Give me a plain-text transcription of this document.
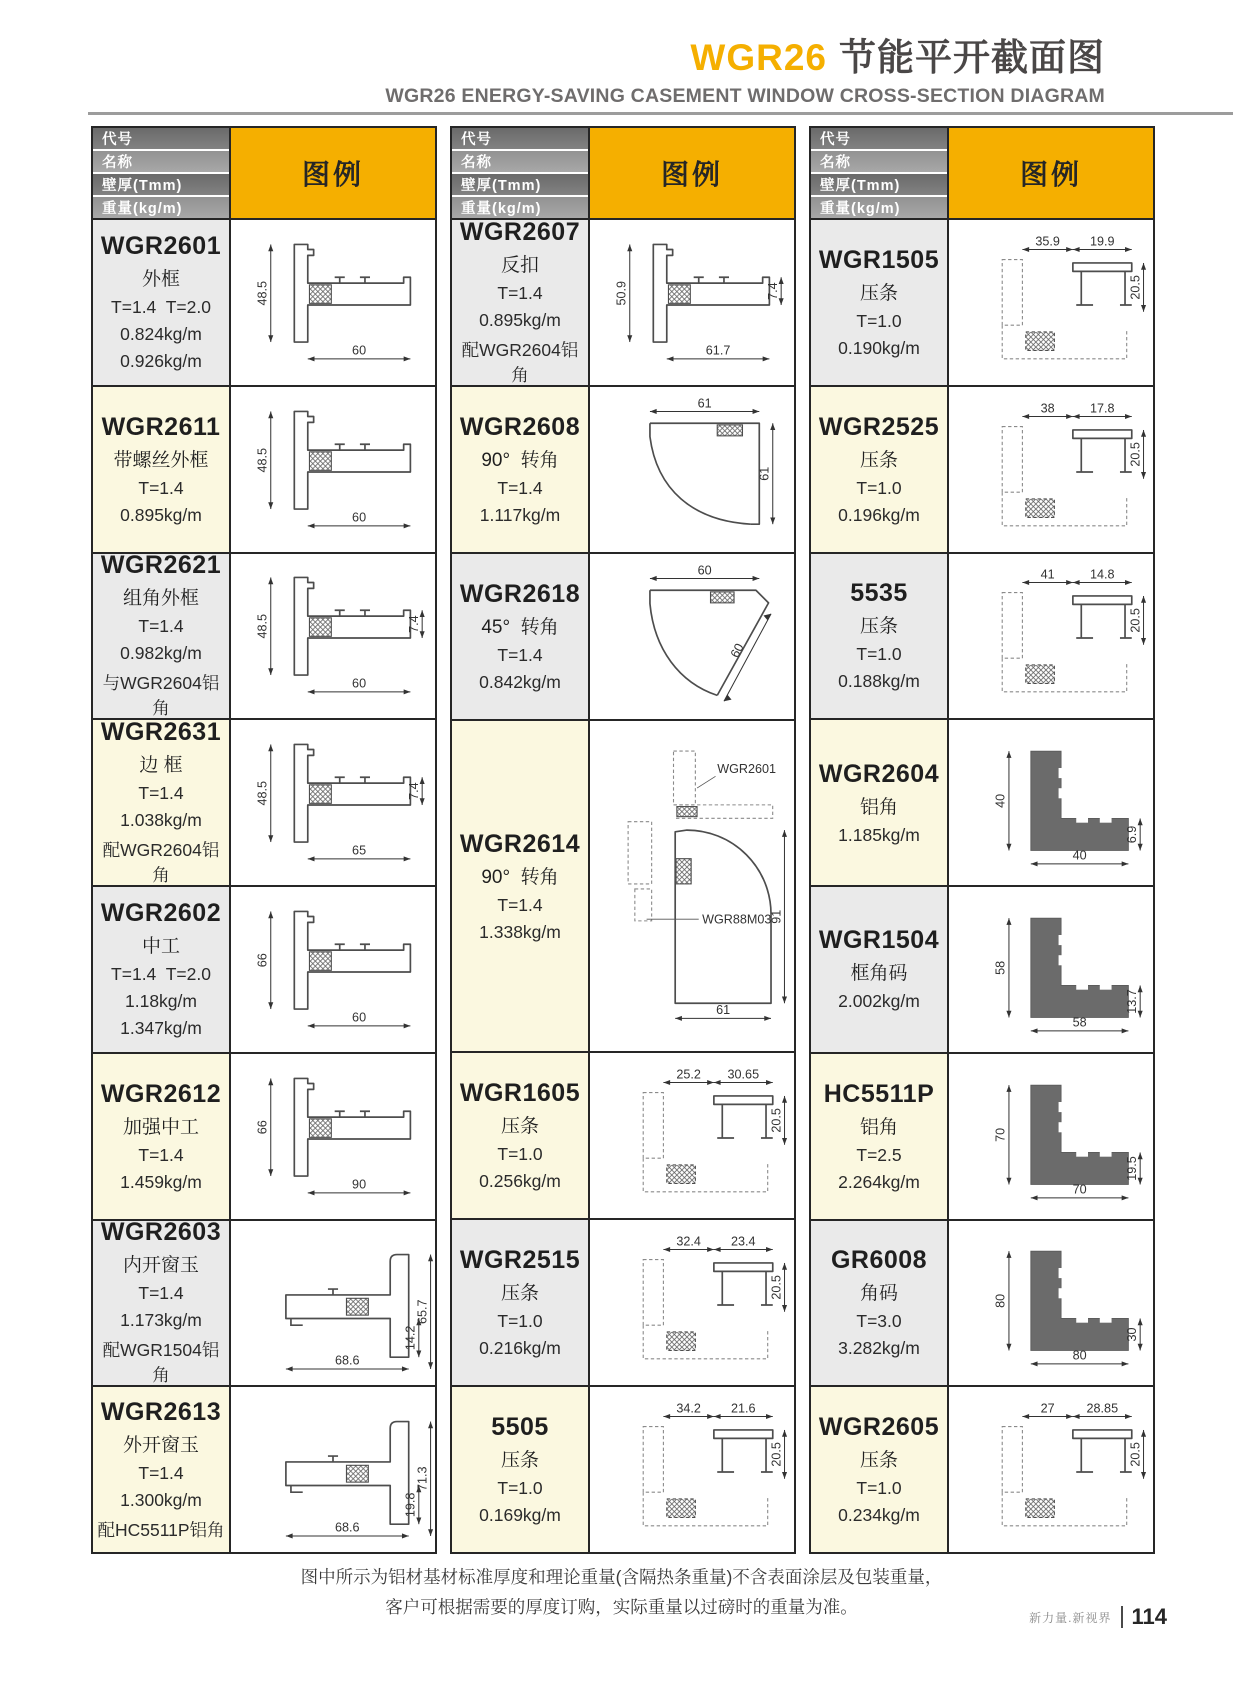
WGR26 节能平开截面图
WGR26 ENERGY-SAVING CASEMENT WINDOW CROSS-SECTION DIAGRAM
代号
名称
壁厚(Tmm)
重量(kg/m)
图例
WGR2601
外框
T=1.4  T=2.0
0.824kg/m
0.926kg/m
48.5
60
WGR2611
带螺丝外框
T=1.4
0.895kg/m
48.5
60
WGR2621
组角外框
T=1.4
0.982kg/m
与WGR2604铝角
48.5
60
7.4
WGR2631
边 框
T=1.4
1.038kg/m
配WGR2604铝角
48.5
65
7.4
WGR2602
中工
T=1.4  T=2.0
1.18kg/m
1.347kg/m
66
60
WGR2612
加强中工
T=1.4
1.459kg/m
66
90
WGR2603
内开窗玉
T=1.4
1.173kg/m
配WGR1504铝角
68.6
14.2
65.7
WGR2613
外开窗玉
T=1.4
1.300kg/m
配HC5511P铝角	68.6
19.8
71.3
代号
名称
壁厚(Tmm)
重量(kg/m)
图例
WGR2607
反扣
T=1.4
0.895kg/m
配WGR2604铝角
50.9
61.7
7.4
WGR2608
90°  转角
T=1.4
1.117kg/m
61
61
WGR2618
45°  转角
T=1.4
0.842kg/m
60
60
WGR2614
90°  转角
T=1.4
1.338kg/m
WGR2601
WGR88M03
61
91
WGR1605
压条
T=1.0
0.256kg/m
25.2 30.65
20.5
WGR2515
压条
T=1.0
0.216kg/m
32.4 23.4
20.5
5505
压条
T=1.0
0.169kg/m
34.2 21.6
20.5
代号
名称
壁厚(Tmm)
重量(kg/m)
图例
WGR1505
压条
T=1.0
0.190kg/m
35.9 19.9
20.5
WGR2525
压条
T=1.0
0.196kg/m
38 17.8
20.5
5535
压条
T=1.0
0.188kg/m
41 14.8
20.5
WGR2604
铝角
1.185kg/m
40
40
6.9
WGR1504
框角码
2.002kg/m
58
58
13.7
HC5511P
铝角
T=2.5
2.264kg/m
70
70
19.5
GR6008
角码
T=3.0
3.282kg/m
80
80
30
WGR2605
压条
T=1.0
0.234kg/m
27 28.85
20.5
图中所示为铝材基材标准厚度和理论重量(含隔热条重量)不含表面涂层及包装重量，
客户可根据需要的厚度订购，实际重量以过磅时的重量为准。
新力量.新视界 114
